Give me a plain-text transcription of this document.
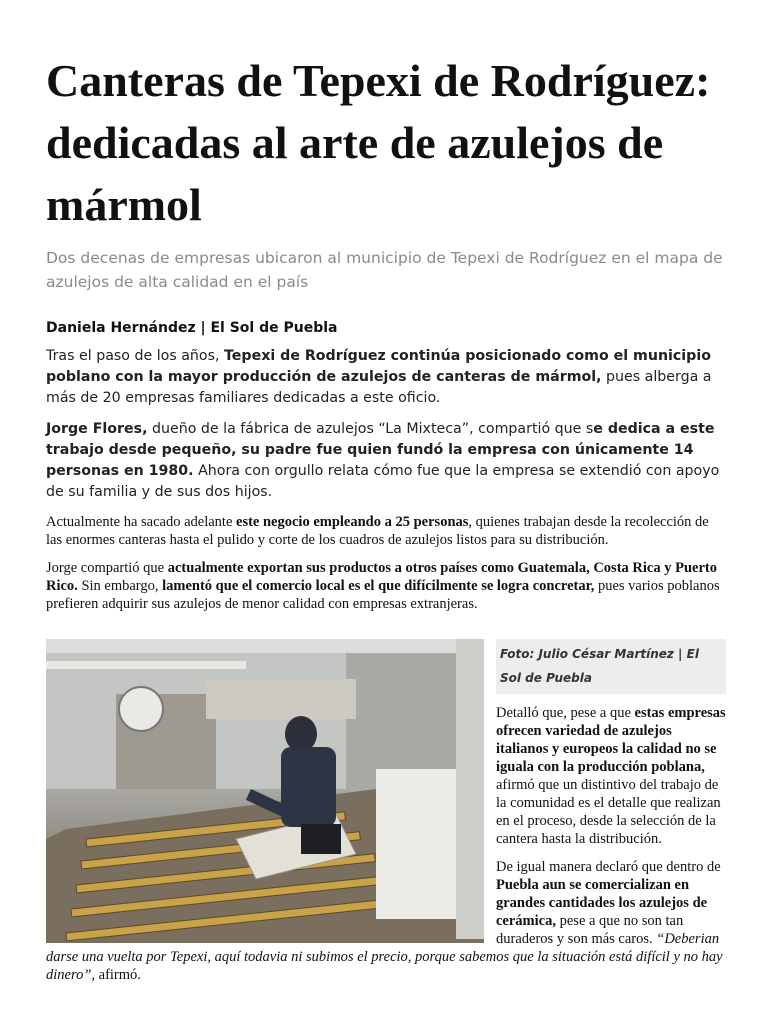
Canteras de Tepexi de Rodríguez: dedicadas al arte de azulejos de mármol

Dos decenas de empresas ubicaron al municipio de Tepexi de Rodríguez en el mapa de azulejos de alta calidad en el país

Daniela Hernández | El Sol de Puebla

Tras el paso de los años, Tepexi de Rodríguez continúa posicionado como el municipio poblano con la mayor producción de azulejos de canteras de mármol, pues alberga a más de 20 empresas familiares dedicadas a este oficio.

Jorge Flores, dueño de la fábrica de azulejos “La Mixteca”, compartió que se dedica a este trabajo desde pequeño, su padre fue quien fundó la empresa con únicamente 14 personas en 1980. Ahora con orgullo relata cómo fue que la empresa se extendió con apoyo de su familia y de sus dos hijos.

Actualmente ha sacado adelante este negocio empleando a 25 personas, quienes trabajan desde la recolección de las enormes canteras hasta el pulido y corte de los cuadros de azulejos listos para su distribución.

Jorge compartió que actualmente exportan sus productos a otros países como Guatemala, Costa Rica y Puerto Rico. Sin embargo, lamentó que el comercio local es el que difícilmente se logra concretar, pues varios poblanos prefieren adquirir sus azulejos de menor calidad con empresas extranjeras.

Foto: Julio César Martínez | El Sol de Puebla

Detalló que, pese a que estas empresas ofrecen variedad de azulejos italianos y europeos la calidad no se iguala con la producción poblana, afirmó que un distintivo del trabajo de la comunidad es el detalle que realizan en el proceso, desde la selección de la cantera hasta la distribución.

De igual manera declaró que dentro de Puebla aun se comercializan en grandes cantidades los azulejos de cerámica, pese a que no son tan duraderos y son más caros. “Deberian darse una vuelta por Tepexi, aquí todavia ni subimos el precio, porque sabemos que la situación está difícil y no hay dinero”, afirmó.
